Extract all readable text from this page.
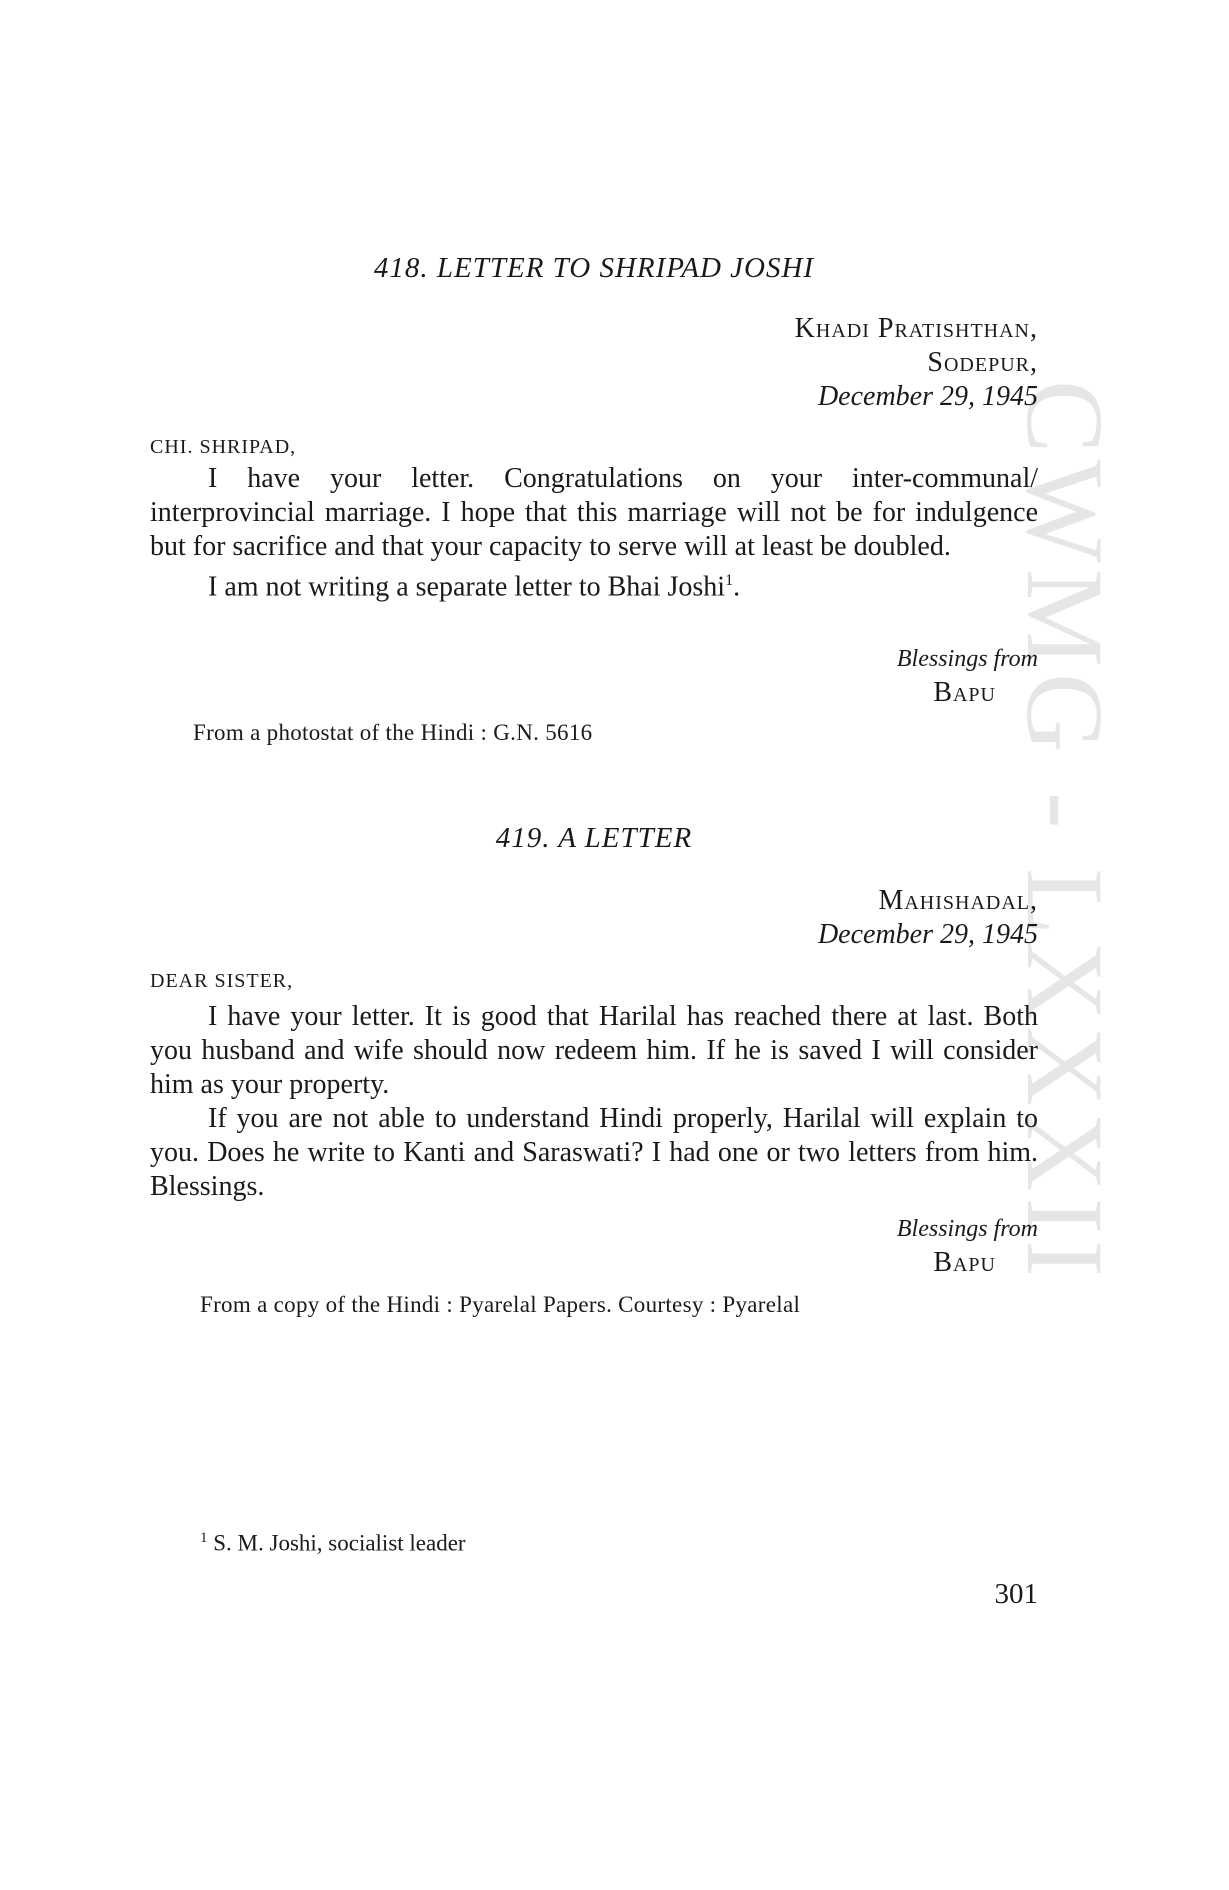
CWMG - LXXXII
418. LETTER TO SHRIPAD JOSHI
Khadi Pratishthan,
Sodepur,
December 29, 1945
CHI. SHRIPAD,

I have your letter. Congratulations on your inter-communal/ interprovincial marriage. I hope that this marriage will not be for indulgence but for sacrifice and that your capacity to serve will at least be doubled.

I am not writing a separate letter to Bhai Joshi$^1$.

Blessings from
Bapu
From a photostat of the Hindi : G.N. 5616
419. A LETTER
Mahishadal,
December 29, 1945
DEAR SISTER,

I have your letter. It is good that Harilal has reached there at last. Both you husband and wife should now redeem him. If he is saved I will consider him as your property.

If you are not able to understand Hindi properly, Harilal will explain to you. Does he write to Kanti and Saraswati? I had one or two letters from him. Blessings.

Blessings from
Bapu
From a copy of the Hindi : Pyarelal Papers. Courtesy : Pyarelal
$^1$ S. M. Joshi, socialist leader
301
